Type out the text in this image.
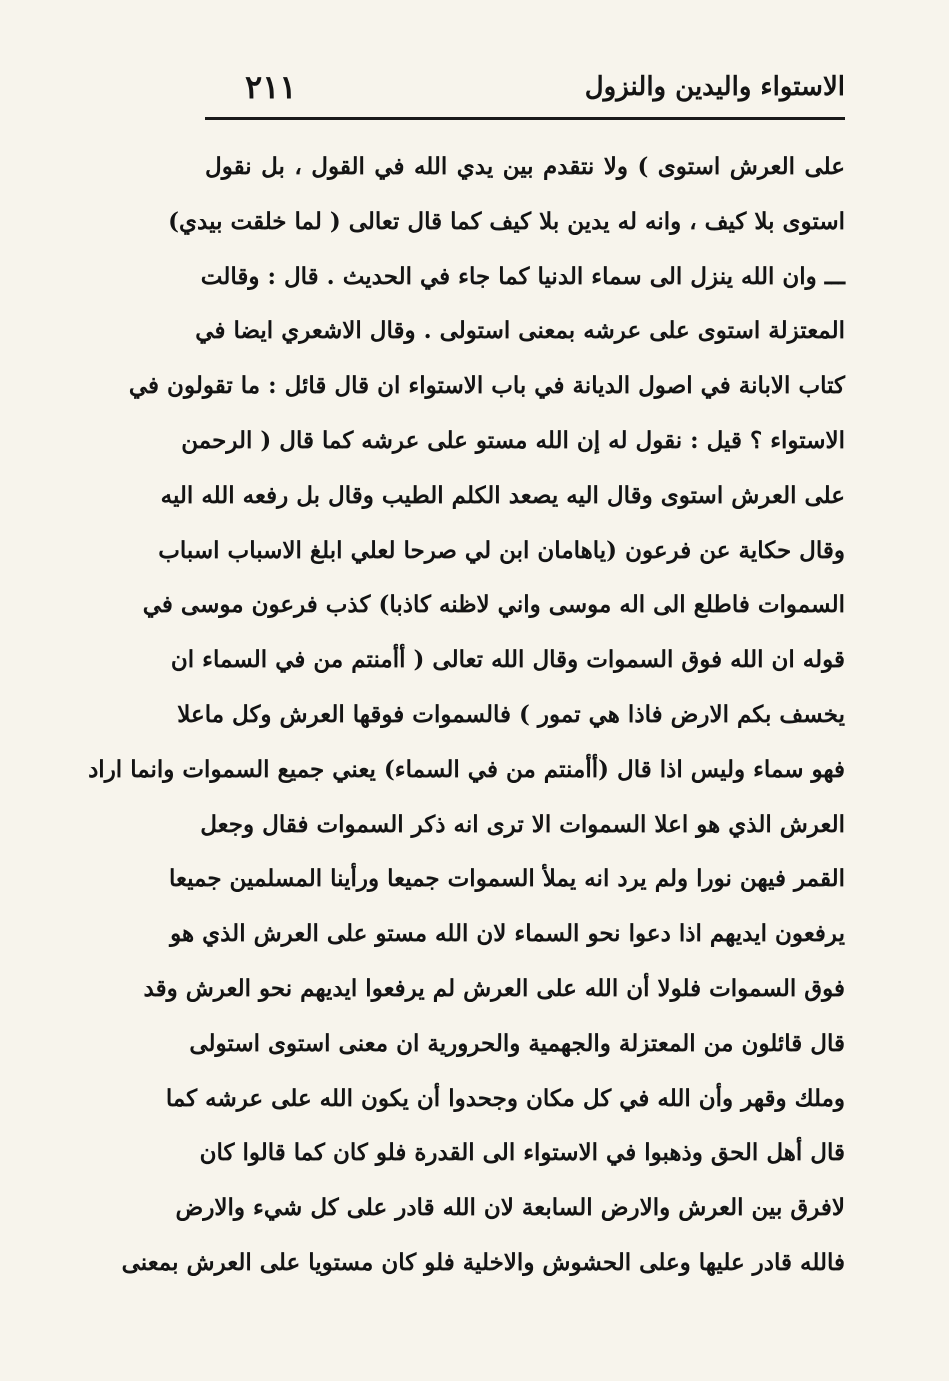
الاستواء واليدين والنزول
٢١١
على العرش استوى ) ولا نتقدم بين يدي الله في القول ، بل نقول
استوى بلا كيف ، وانه له يدين بلا كيف كما قال تعالى ( لما خلقت بيدي)
ـــ وان الله ينزل الى سماء الدنيا كما جاء في الحديث . قال : وقالت
المعتزلة استوى على عرشه بمعنى استولى . وقال الاشعري ايضا في
كتاب الابانة في اصول الديانة في باب الاستواء ان قال قائل : ما تقولون في
الاستواء ؟ قيل : نقول له إن الله مستو على عرشه كما قال ( الرحمن
على العرش استوى وقال اليه يصعد الكلم الطيب وقال بل رفعه الله اليه
وقال حكاية عن فرعون (ياهامان ابن لي صرحا لعلي ابلغ الاسباب اسباب
السموات فاطلع الى اله موسى واني لاظنه كاذبا) كذب فرعون موسى في
قوله ان الله فوق السموات وقال الله تعالى ( أأمنتم من في السماء ان
يخسف بكم الارض فاذا هي تمور ) فالسموات فوقها العرش وكل ماعلا
فهو سماء وليس اذا قال (أأمنتم من في السماء) يعني جميع السموات وانما اراد
العرش الذي هو اعلا السموات الا ترى انه ذكر السموات فقال وجعل
القمر فيهن نورا ولم يرد انه يملأ السموات جميعا ورأينا المسلمين جميعا
يرفعون ايديهم اذا دعوا نحو السماء لان الله مستو على العرش الذي هو
فوق السموات فلولا أن الله على العرش لم يرفعوا ايديهم نحو العرش وقد
قال قائلون من المعتزلة والجهمية والحرورية ان معنى استوى استولى
وملك وقهر وأن الله في كل مكان وجحدوا أن يكون الله على عرشه كما
قال أهل الحق وذهبوا في الاستواء الى القدرة فلو كان كما قالوا كان
لافرق بين العرش والارض السابعة لان الله قادر على كل شيء والارض
فالله قادر عليها وعلى الحشوش والاخلية فلو كان مستويا على العرش بمعنى
